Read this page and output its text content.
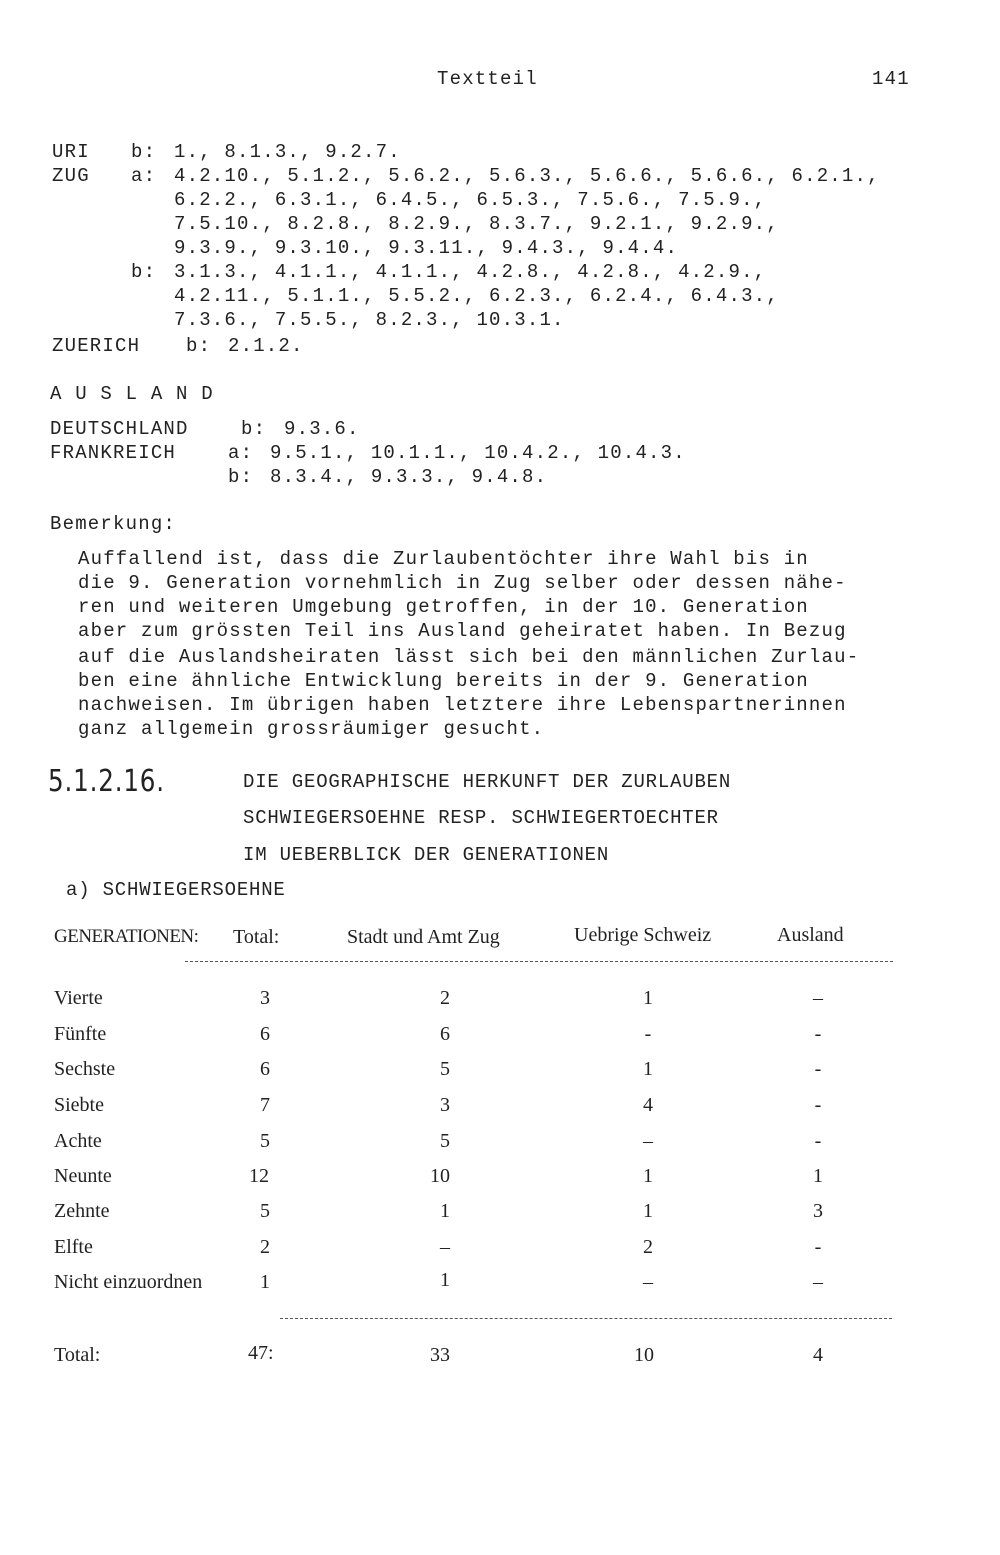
Textteil	141
URI b: 1., 8.1.3., 9.2.7.
ZUG a: 4.2.10., 5.1.2., 5.6.2., 5.6.3., 5.6.6., 5.6.6., 6.2.1.,
6.2.2., 6.3.1., 6.4.5., 6.5.3., 7.5.6., 7.5.9.,
7.5.10., 8.2.8., 8.2.9., 8.3.7., 9.2.1., 9.2.9.,
9.3.9., 9.3.10., 9.3.11., 9.4.3., 9.4.4.
b: 3.1.3., 4.1.1., 4.1.1., 4.2.8., 4.2.8., 4.2.9.,
4.2.11., 5.1.1., 5.5.2., 6.2.3., 6.2.4., 6.4.3.,
7.3.6., 7.5.5., 8.2.3., 10.3.1.
ZUERICH b: 2.1.2.
A U S L A N D
DEUTSCHLAND	b: 9.3.6.
FRANKREICH	a: 9.5.1., 10.1.1., 10.4.2., 10.4.3.
b: 8.3.4., 9.3.3., 9.4.8.
Bemerkung:
Auffallend ist, dass die Zurlaubentöchter ihre Wahl bis in
die 9. Generation vornehmlich in Zug selber oder dessen nähe-
ren und weiteren Umgebung getroffen, in der 10. Generation
aber zum grössten Teil ins Ausland geheiratet haben. In Bezug
auf die Auslandsheiraten lässt sich bei den männlichen Zurlau-
ben eine ähnliche Entwicklung bereits in der 9. Generation
nachweisen. Im übrigen haben letztere ihre Lebenspartnerinnen
ganz allgemein grossräumiger gesucht.
5.1.2.16.	DIE GEOGRAPHISCHE HERKUNFT DER ZURLAUBEN
SCHWIEGERSOEHNE RESP. SCHWIEGERTOECHTER
IM UEBERBLICK DER GENERATIONEN
a) SCHWIEGERSOEHNE
GENERATIONEN: Total:	Stadt und Amt Zug	Uebrige Schweiz	Ausland
Vierte	3	2	1	–
Fünfte	6	6	-	-
Sechste	6	5	1	-
Siebte	7	3	4	-
Achte	5	5	–	-
Neunte	12	10	1	1
Zehnte	5	1	1	3
Elfte	2	–	2	-
Nicht einzuordnen	1	1	–	–
Total:	47:	33	10	4
